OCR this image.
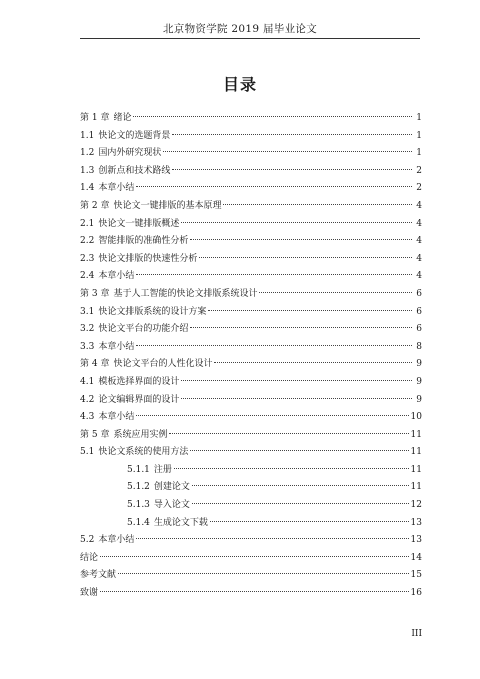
北京物资学院 2019 届毕业论文
目录
第 1 章 绪论	1
1.1 快论文的选题背景	1
1.2 国内外研究现状	1
1.3 创新点和技术路线	2
1.4 本章小结	2
第 2 章 快论文一键排版的基本原理	4
2.1 快论文一键排版概述	4
2.2 智能排版的准确性分析	4
2.3 快论文排版的快速性分析	4
2.4 本章小结	4
第 3 章 基于人工智能的快论文排版系统设计	6
3.1 快论文排版系统的设计方案	6
3.2 快论文平台的功能介绍	6
3.3 本章小结	8
第 4 章 快论文平台的人性化设计	9
4.1 模板选择界面的设计	9
4.2 论文编辑界面的设计	9
4.3 本章小结	10
第 5 章 系统应用实例	11
5.1 快论文系统的使用方法	11
5.1.1 注册	11
5.1.2 创建论文	11
5.1.3 导入论文	12
5.1.4 生成论文下载	13
5.2 本章小结	13
结论	14
参考文献	15
致谢	16
III
